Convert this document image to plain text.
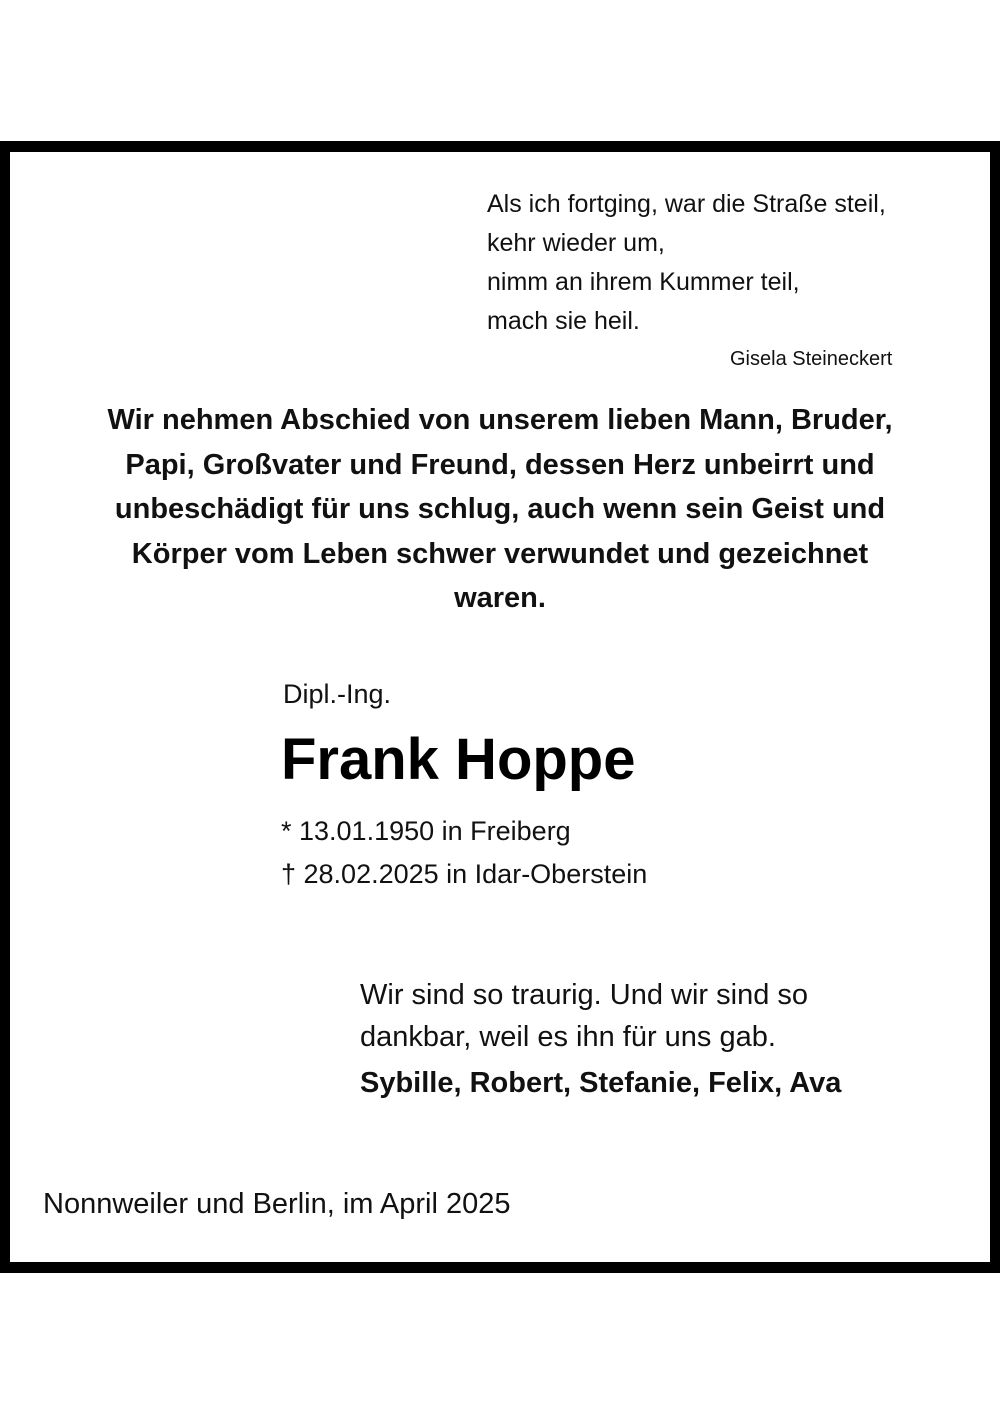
Als ich fortging, war die Straße steil,
kehr wieder um,
nimm an ihrem Kummer teil,
mach sie heil.
Gisela Steineckert
Wir nehmen Abschied von unserem lieben Mann, Bruder,
Papi, Großvater und Freund, dessen Herz unbeirrt und
unbeschädigt für uns schlug, auch wenn sein Geist und
Körper vom Leben schwer verwundet und gezeichnet
waren.
Dipl.-Ing.
Frank Hoppe
* 13.01.1950 in Freiberg
† 28.02.2025 in Idar-Oberstein
Wir sind so traurig. Und wir sind so
dankbar, weil es ihn für uns gab.
Sybille, Robert, Stefanie, Felix, Ava
Nonnweiler und Berlin, im April 2025
